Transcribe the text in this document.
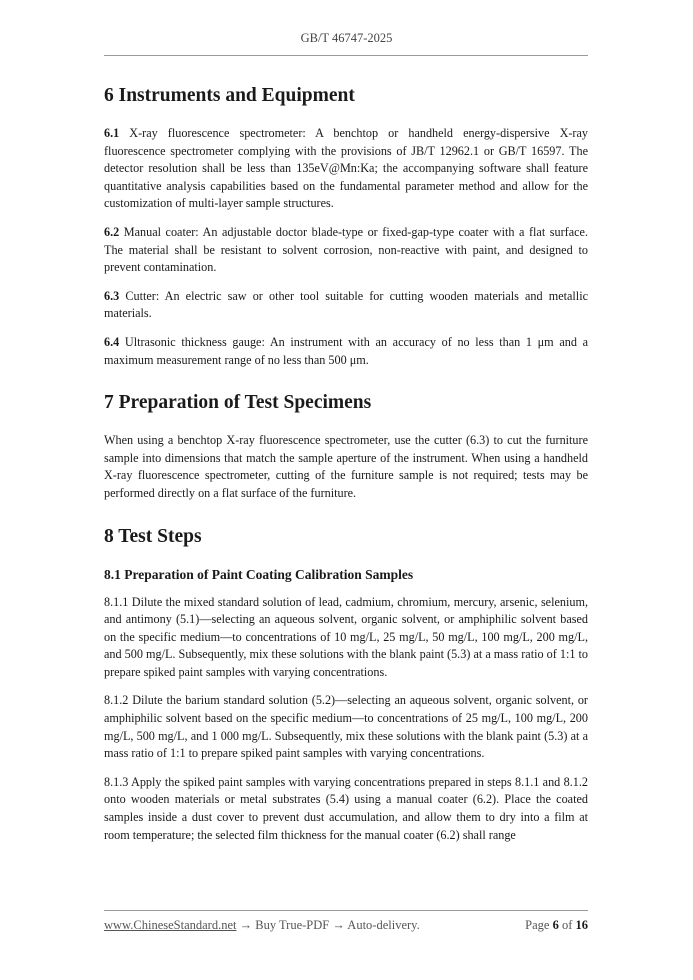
GB/T 46747-2025
6 Instruments and Equipment

6.1 X-ray fluorescence spectrometer: A benchtop or handheld energy-dispersive X-ray fluorescence spectrometer complying with the provisions of JB/T 12962.1 or GB/T 16597. The detector resolution shall be less than 135eV@Mn:Ka; the accompanying software shall feature quantitative analysis capabilities based on the fundamental parameter method and allow for the customization of multi-layer sample structures.

6.2 Manual coater: An adjustable doctor blade-type or fixed-gap-type coater with a flat surface. The material shall be resistant to solvent corrosion, non-reactive with paint, and designed to prevent contamination.

6.3 Cutter: An electric saw or other tool suitable for cutting wooden materials and metallic materials.

6.4 Ultrasonic thickness gauge: An instrument with an accuracy of no less than 1 μm and a maximum measurement range of no less than 500 μm.

7 Preparation of Test Specimens

When using a benchtop X-ray fluorescence spectrometer, use the cutter (6.3) to cut the furniture sample into dimensions that match the sample aperture of the instrument. When using a handheld X-ray fluorescence spectrometer, cutting of the furniture sample is not required; tests may be performed directly on a flat surface of the furniture.

8 Test Steps
8.1 Preparation of Paint Coating Calibration Samples

8.1.1 Dilute the mixed standard solution of lead, cadmium, chromium, mercury, arsenic, selenium, and antimony (5.1)—selecting an aqueous solvent, organic solvent, or amphiphilic solvent based on the specific medium—to concentrations of 10 mg/L, 25 mg/L, 50 mg/L, 100 mg/L, 200 mg/L, and 500 mg/L. Subsequently, mix these solutions with the blank paint (5.3) at a mass ratio of 1:1 to prepare spiked paint samples with varying concentrations.

8.1.2 Dilute the barium standard solution (5.2)—selecting an aqueous solvent, organic solvent, or amphiphilic solvent based on the specific medium—to concentrations of 25 mg/L, 100 mg/L, 200 mg/L, 500 mg/L, and 1 000 mg/L. Subsequently, mix these solutions with the blank paint (5.3) at a mass ratio of 1:1 to prepare spiked paint samples with varying concentrations.

8.1.3 Apply the spiked paint samples with varying concentrations prepared in steps 8.1.1 and 8.1.2 onto wooden materials or metal substrates (5.4) using a manual coater (6.2). Place the coated samples inside a dust cover to prevent dust accumulation, and allow them to dry into a film at room temperature; the selected film thickness for the manual coater (6.2) shall range

www.ChineseStandard.net → Buy True-PDF → Auto-delivery.	Page 6 of 16
